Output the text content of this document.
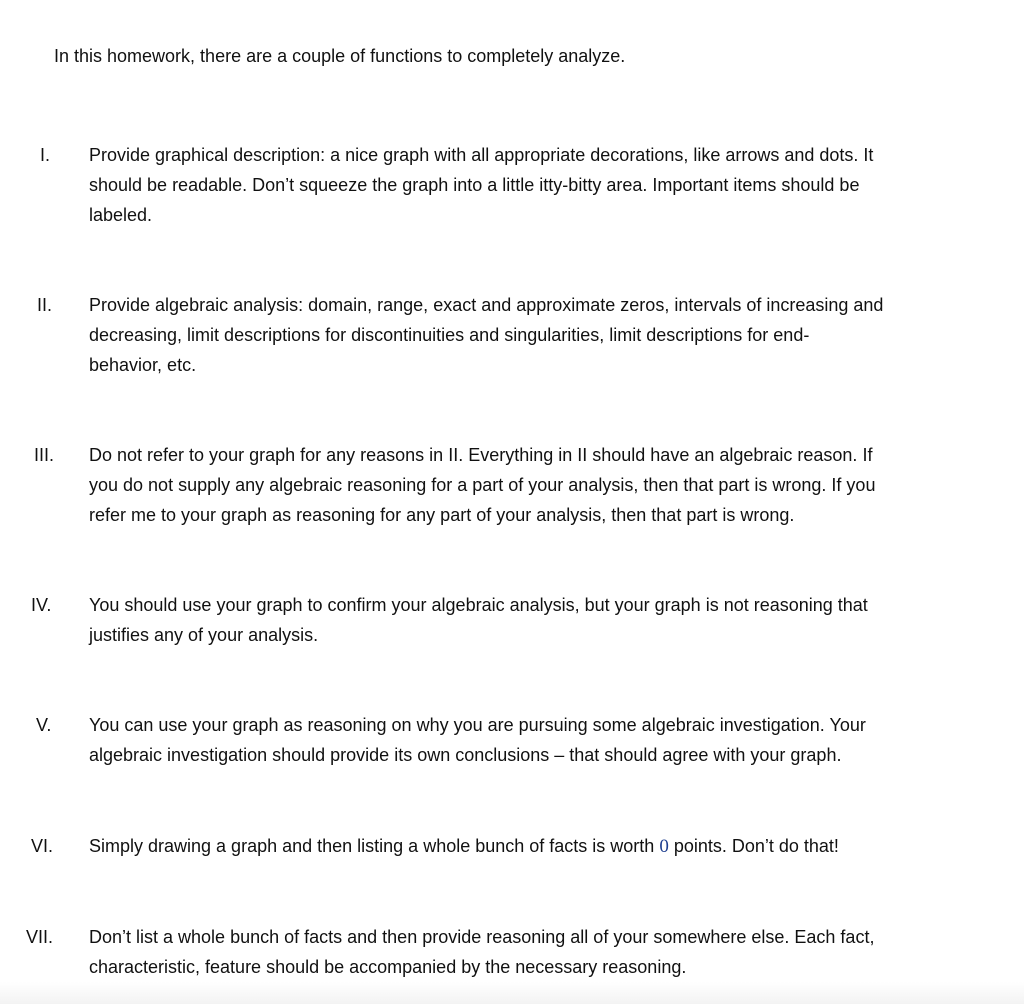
In this homework, there are a couple of functions to completely analyze.

I. Provide graphical description: a nice graph with all appropriate decorations, like arrows and dots. It
should be readable. Don’t squeeze the graph into a little itty-bitty area. Important items should be
labeled.

II. Provide algebraic analysis: domain, range, exact and approximate zeros, intervals of increasing and
decreasing, limit descriptions for discontinuities and singularities, limit descriptions for end-
behavior, etc.

III. Do not refer to your graph for any reasons in II. Everything in II should have an algebraic reason. If
you do not supply any algebraic reasoning for a part of your analysis, then that part is wrong. If you
refer me to your graph as reasoning for any part of your analysis, then that part is wrong.

IV. You should use your graph to confirm your algebraic analysis, but your graph is not reasoning that
justifies any of your analysis.

V. You can use your graph as reasoning on why you are pursuing some algebraic investigation. Your
algebraic investigation should provide its own conclusions – that should agree with your graph.

VI. Simply drawing a graph and then listing a whole bunch of facts is worth 0 points. Don’t do that!

VII. Don’t list a whole bunch of facts and then provide reasoning all of your somewhere else. Each fact,
characteristic, feature should be accompanied by the necessary reasoning.
